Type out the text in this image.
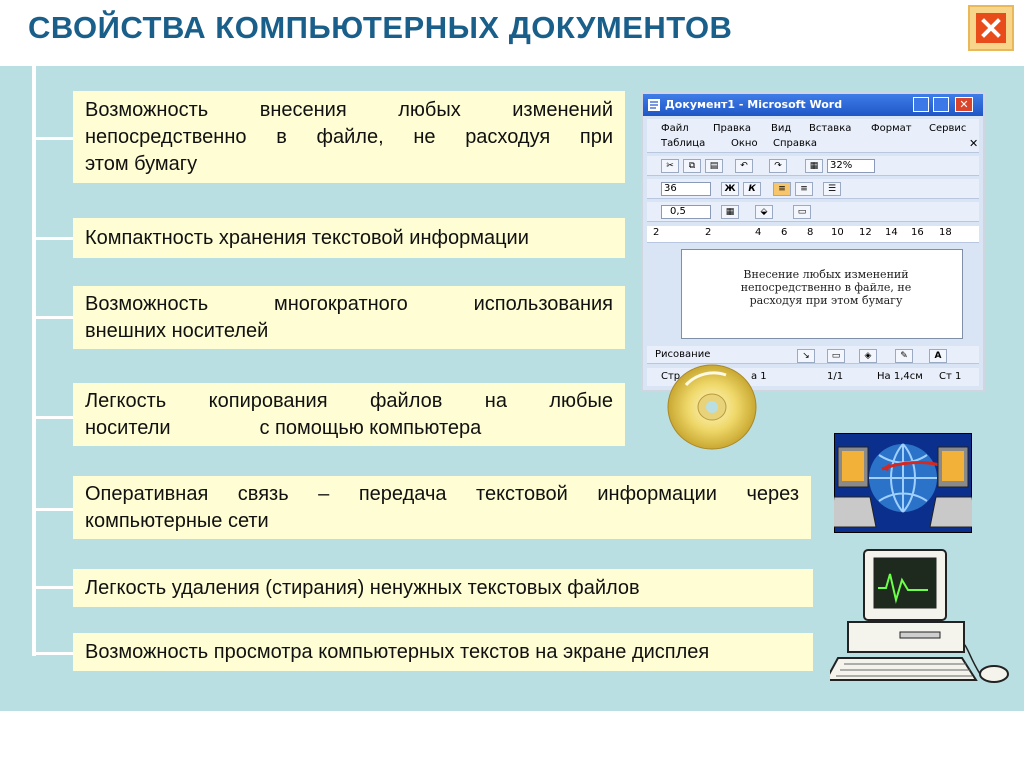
СВОЙСТВА КОМПЬЮТЕРНЫХ ДОКУМЕНТОВ
Возможность внесения любых изменений
непосредственно в файле, не расходуя при
этом бумагу
Компактность хранения текстовой информации
Возможность многократного использования
внешних носителей
Легкость копирования файлов на любые
носители                с помощью компьютера
Оперативная связь – передача текстовой информации через
компьютерные сети
Легкость удаления (стирания) ненужных текстовых файлов
Возможность просмотра компьютерных текстов на экране дисплея
Документ1 - Microsoft Word	✕
Файл Правка Вид Вставка Формат Сервис
Таблица	Окно Справка	✕
✂	⧉	▤	↶	↷	▦	32%
36	Ж	К	≡	≡	☰
0,5	▦	⬙	▭
2	2	4 6 8 10 12 14 16 18
Внесение любых изменений
непосредственно в файле, не
расходуя при этом бумагу
Рисование	↘	▭	◈	✎	A
Стр	а 1	1/1	На 1,4см Ст 1
